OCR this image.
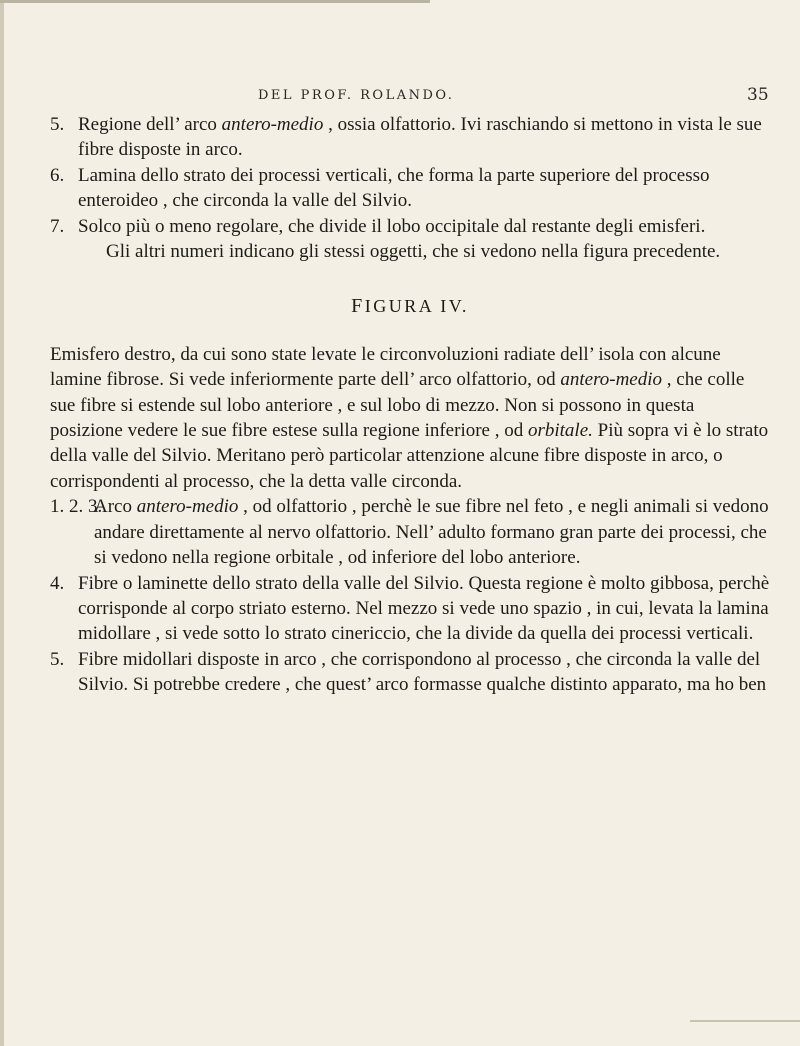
DEL PROF. ROLANDO.	35
5. Regione dell’ arco antero-medio , ossia olfattorio. Ivi raschiando si mettono in vista le sue fibre disposte in arco.

6. Lamina dello strato dei processi verticali, che forma la parte superiore del processo enteroideo , che circonda la valle del Silvio.

7. Solco più o meno regolare, che divide il lobo occipitale dal restante degli emisferi.

Gli altri numeri indicano gli stessi oggetti, che si vedono nella figura precedente.

FIGURA IV.

Emisfero destro, da cui sono state levate le circonvoluzioni radiate dell’ isola con alcune lamine fibrose. Si vede inferiormente parte dell’ arco olfattorio, od antero-medio , che colle sue fibre si estende sul lobo anteriore , e sul lobo di mezzo. Non si possono in questa posizione vedere le sue fibre estese sulla regione inferiore , od orbitale. Più sopra vi è lo strato della valle del Silvio. Meritano però particolar attenzione alcune fibre disposte in arco, o corrispondenti al processo, che la detta valle circonda.

1. 2. 3.

Arco antero-medio , od olfattorio , perchè le sue fibre nel feto , e negli animali si vedono andare direttamente al nervo olfattorio. Nell’ adulto formano gran parte dei processi, che si vedono nella regione orbitale , od inferiore del lobo anteriore.

4. Fibre o laminette dello strato della valle del Silvio. Questa regione è molto gibbosa, perchè corrisponde al corpo striato esterno. Nel mezzo si vede uno spazio , in cui, levata la lamina midollare , si vede sotto lo strato cinericcio, che la divide da quella dei processi verticali.

5. Fibre midollari disposte in arco , che corrispondono al processo , che circonda la valle del Silvio. Si potrebbe credere , che quest’ arco formasse qualche distinto apparato, ma ho ben
